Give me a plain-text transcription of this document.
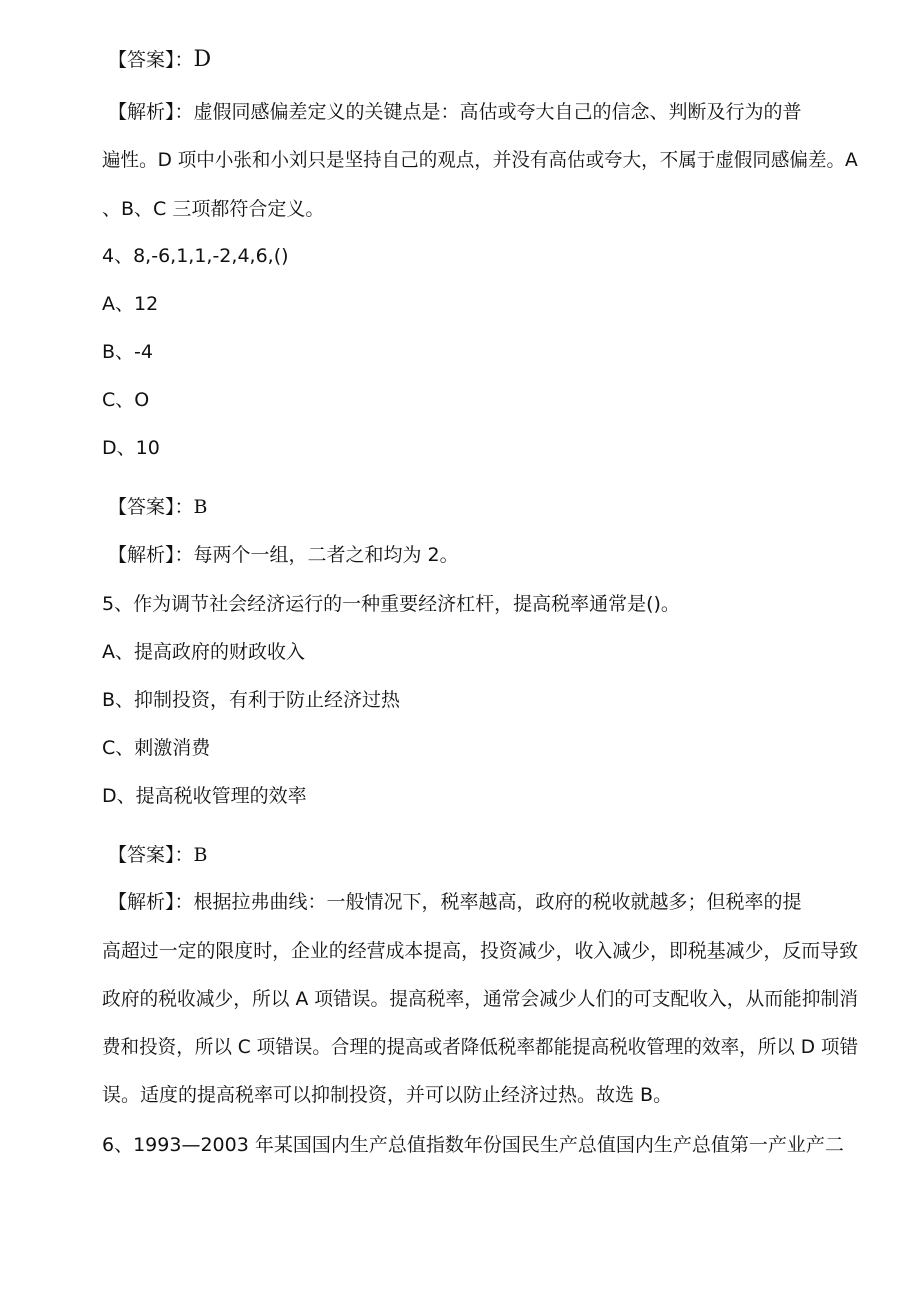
【答案】：D
【解析】：虚假同感偏差定义的关键点是：高估或夸大自己的信念、判断及行为的普
遍性。D 项中小张和小刘只是坚持自己的观点，并没有高估或夸大，不属于虚假同感偏差。A
、B、C 三项都符合定义。
4、8,-6,1,1,-2,4,6,()
A、12
B、-4
C、O
D、10
【答案】：B
【解析】：每两个一组，二者之和均为 2。
5、作为调节社会经济运行的一种重要经济杠杆，提高税率通常是()。
A、提高政府的财政收入
B、抑制投资，有利于防止经济过热
C、刺激消费
D、提高税收管理的效率
【答案】：B
【解析】：根据拉弗曲线：一般情况下，税率越高，政府的税收就越多；但税率的提
高超过一定的限度时，企业的经营成本提高，投资减少，收入减少，即税基减少，反而导致
政府的税收减少，所以 A 项错误。提高税率，通常会减少人们的可支配收入，从而能抑制消
费和投资，所以 C 项错误。合理的提高或者降低税率都能提高税收管理的效率，所以 D 项错
误。适度的提高税率可以抑制投资，并可以防止经济过热。故选 B。
6、1993—2003 年某国国内生产总值指数年份国民生产总值国内生产总值第一产业产二
